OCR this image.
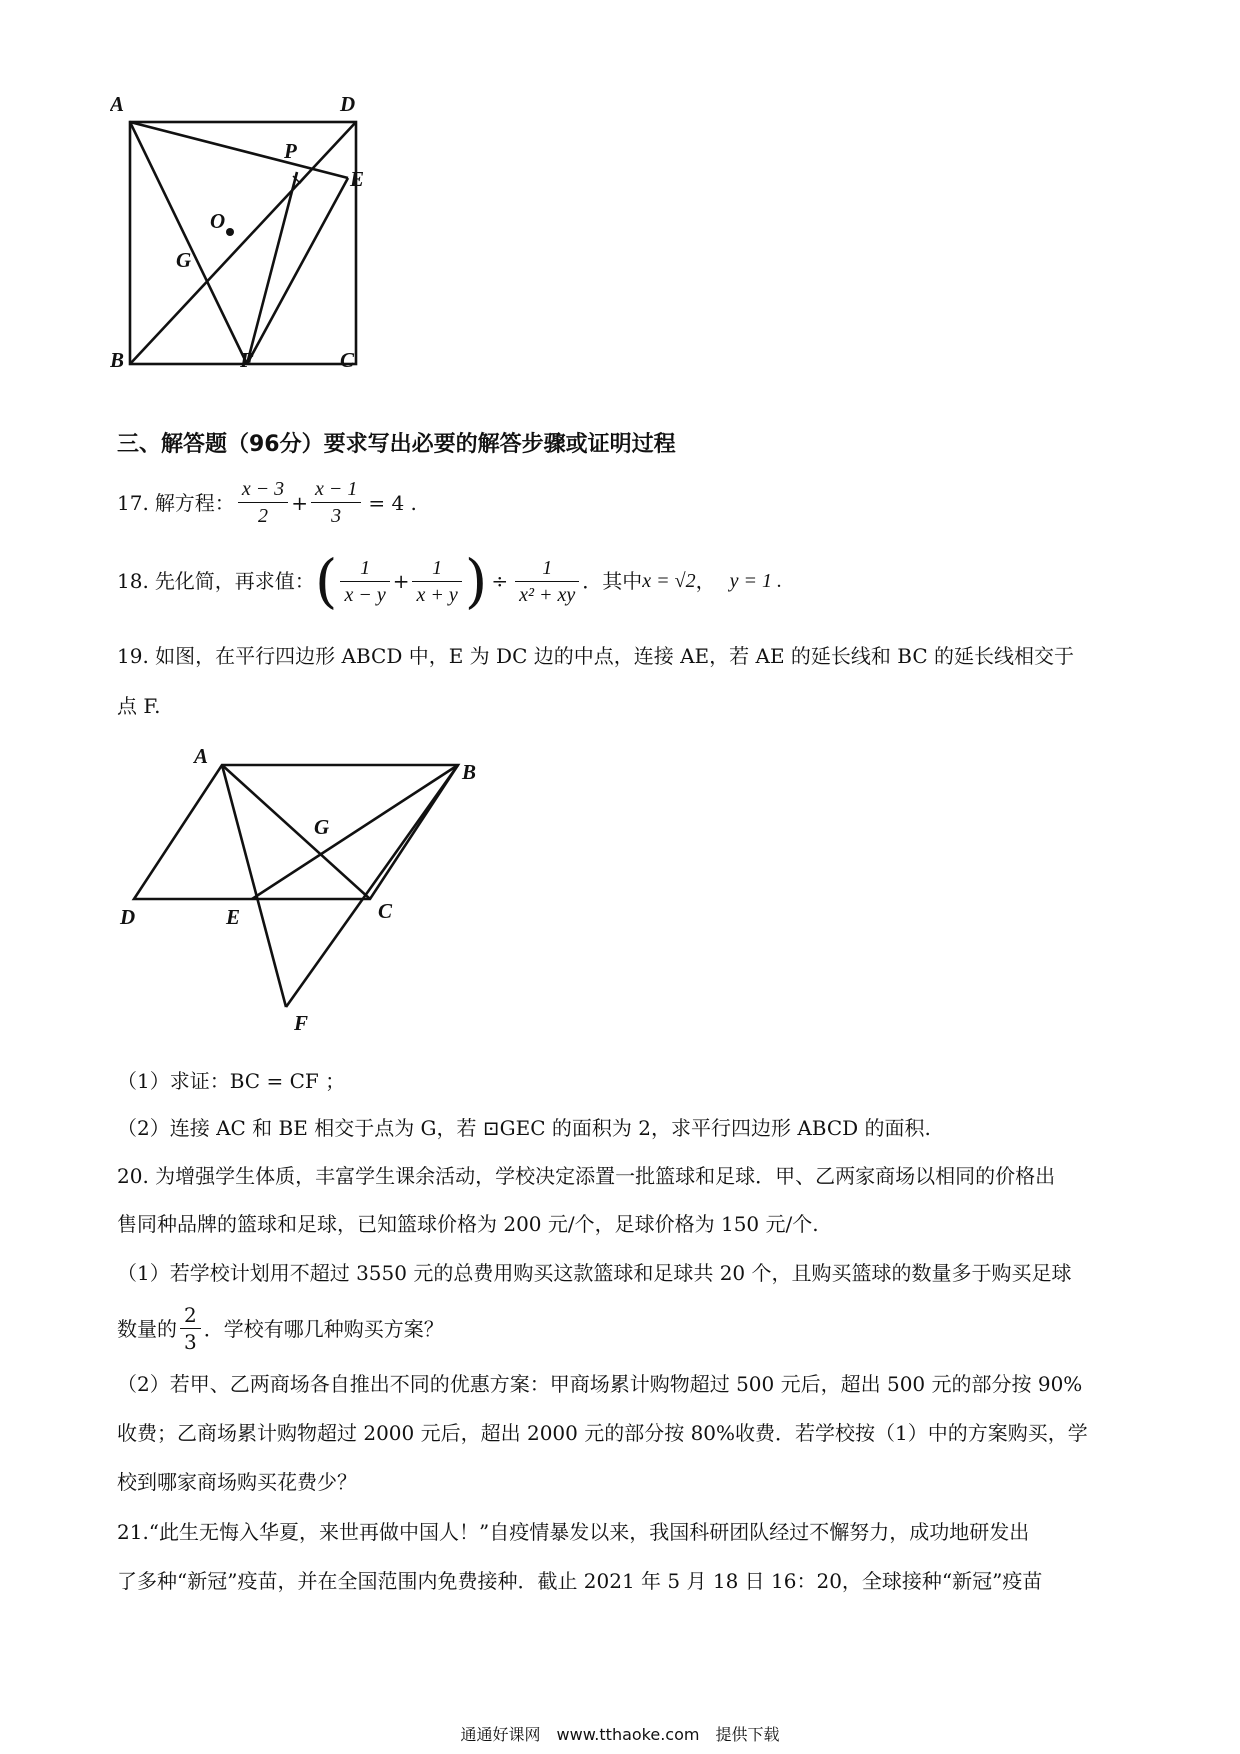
A	D
P
E
O
G
B	F	C
三、解答题（96分）要求写出必要的解答步骤或证明过程
17. 解方程： $\frac{x - 3}{2} + \frac{x - 1}{3} = 4$ .
18. 先化简，再求值： ( $\frac{1}{x - y} + \frac{1}{x + y}$ ) ÷ $\frac{1}{\text{x² + xy}}$ ．其中 x = √2 ， y = 1 .
19. 如图，在平行四边形 ABCD 中，E 为 DC 边的中点，连接 AE，若 AE 的延长线和 BC 的延长线相交于
点 F.
A
B
G
D	E	C
F
（1）求证：BC = CF ；
（2）连接 AC 和 BE 相交于点为 G，若 ⊡GEC 的面积为 2，求平行四边形 ABCD 的面积.
20. 为增强学生体质，丰富学生课余活动，学校决定添置一批篮球和足球．甲、乙两家商场以相同的价格出
售同种品牌的篮球和足球，已知篮球价格为 200 元/个，足球价格为 150 元/个.
（1）若学校计划用不超过 3550 元的总费用购买这款篮球和足球共 20 个，且购买篮球的数量多于购买足球
数量的 $\frac{2}{3}$ ．学校有哪几种购买方案？
（2）若甲、乙两商场各自推出不同的优惠方案：甲商场累计购物超过 500 元后，超出 500 元的部分按 90%
收费；乙商场累计购物超过 2000 元后，超出 2000 元的部分按 80%收费．若学校按（1）中的方案购买，学
校到哪家商场购买花费少？
21.“此生无悔入华夏，来世再做中国人！”自疫情暴发以来，我国科研团队经过不懈努力，成功地研发出
了多种“新冠”疫苗，并在全国范围内免费接种．截止 2021 年 5 月 18 日 16：20，全球接种“新冠”疫苗
通通好课网　www.tthaoke.com　提供下载
